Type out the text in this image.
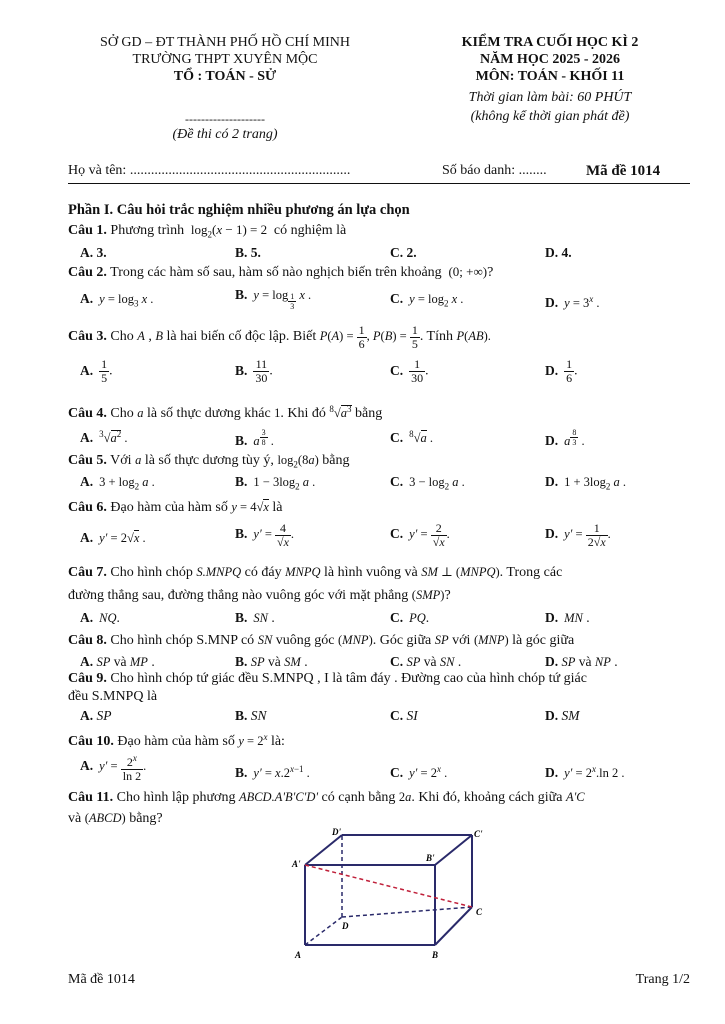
SỞ GD – ĐT THÀNH PHỐ HỒ CHÍ MINH
TRƯỜNG THPT XUYÊN MỘC
TỔ : TOÁN - SỬ
--------------------
(Đề thi có 2 trang)
KIỂM TRA CUỐI HỌC KÌ 2
NĂM HỌC 2025 - 2026
MÔN: TOÁN - KHỐI 11
Thời gian làm bài: 60 PHÚT
(không kể thời gian phát đề)
Họ và tên: ...............................................................	Số báo danh: ........	Mã đề 1014
Phần I. Câu hỏi trắc nghiệm nhiều phương án lựa chọn
Câu 1. Phương trình  $\log_2(x - 1) = 2$  có nghiệm là
A. 3.	B. 5.	C. 2.	D. 4.
Câu 2. Trong các hàm số sau, hàm số nào nghịch biến trên khoảng  (0; +∞)?
A. $y = \log_3 x$ .	B. $y = \log \frac{1}{3}$ x .	C. $y = \log_2 x$ .	D. $y = 3^x$ .
Câu 3. Cho A , B là hai biến cố độc lập. Biết $P(A) = \frac{1}{6}$ , $P(B) = \frac{1}{5}$ . Tính P(AB).
A. $\frac{1}{5}$ .	B. $\frac{11}{30}$ .	C. $\frac{1}{30}$ .	D. $\frac{1}{6}$ .
Câu 4. Cho a là số thực dương khác 1. Khi đó $^8√a^3$ bằng
A. $^3√a^2$ .	B. a $^{\frac{3}{8}}$ .	C. $^8$√a .	D. a $^{\frac{8}{3}}$ .
Câu 5. Với a là số thực dương tùy ý, $\log_2(8a)$ bằng
A. $3 + \log_2 a$ .	B. $1 - 3\log_2$ a .	C. $3 - \log_2 a$ .	D. $1 + 3\log_2$ a .
Câu 6. Đạo hàm của hàm số y = 4√x là
A. y′ = 2√x .	B. $y' = \frac{4}{√x}$ .	C. $y' = \frac{2}{√x}$ .	D. $y' = \frac{1}{2√x}$ .
Câu 7. Cho hình chóp S.MNPQ có đáy MNPQ là hình vuông và SM ⊥ (MNPQ). Trong các
đường thẳng sau, đường thẳng nào vuông góc với mặt phẳng (SMP)?
A. NQ.	B. SN .	C. PQ.	D. MN .
Câu 8. Cho hình chóp S.MNP có SN vuông góc (MNP). Góc giữa SP với (MNP) là góc giữa
A. SP và MP .	B. SP và SM .	C. SP và SN .	D. SP và NP .
Câu 9. Cho hình chóp tứ giác đều S.MNPQ , I là tâm đáy . Đường cao của hình chóp tứ giác
đều S.MNPQ là
A. SP	B. SN	C. SI	D. SM
Câu 10. Đạo hàm của hàm số $y = 2^x$ là:
A. $y' = \frac{2^x}{\ln 2}$ .	B. $y' = x.2^{x-1}$ .	C. $y' = 2^x$ .	D. $y' = 2^x.\ln$ 2 .
Câu 11. Cho hình lập phương ABCD.A'B'C'D' có cạnh bằng 2a. Khi đó, khoảng cách giữa A'C
và (ABCD) bằng?
A	B
C
D
A'
B'
C'
D'
Mã đề 1014	Trang 1/2
